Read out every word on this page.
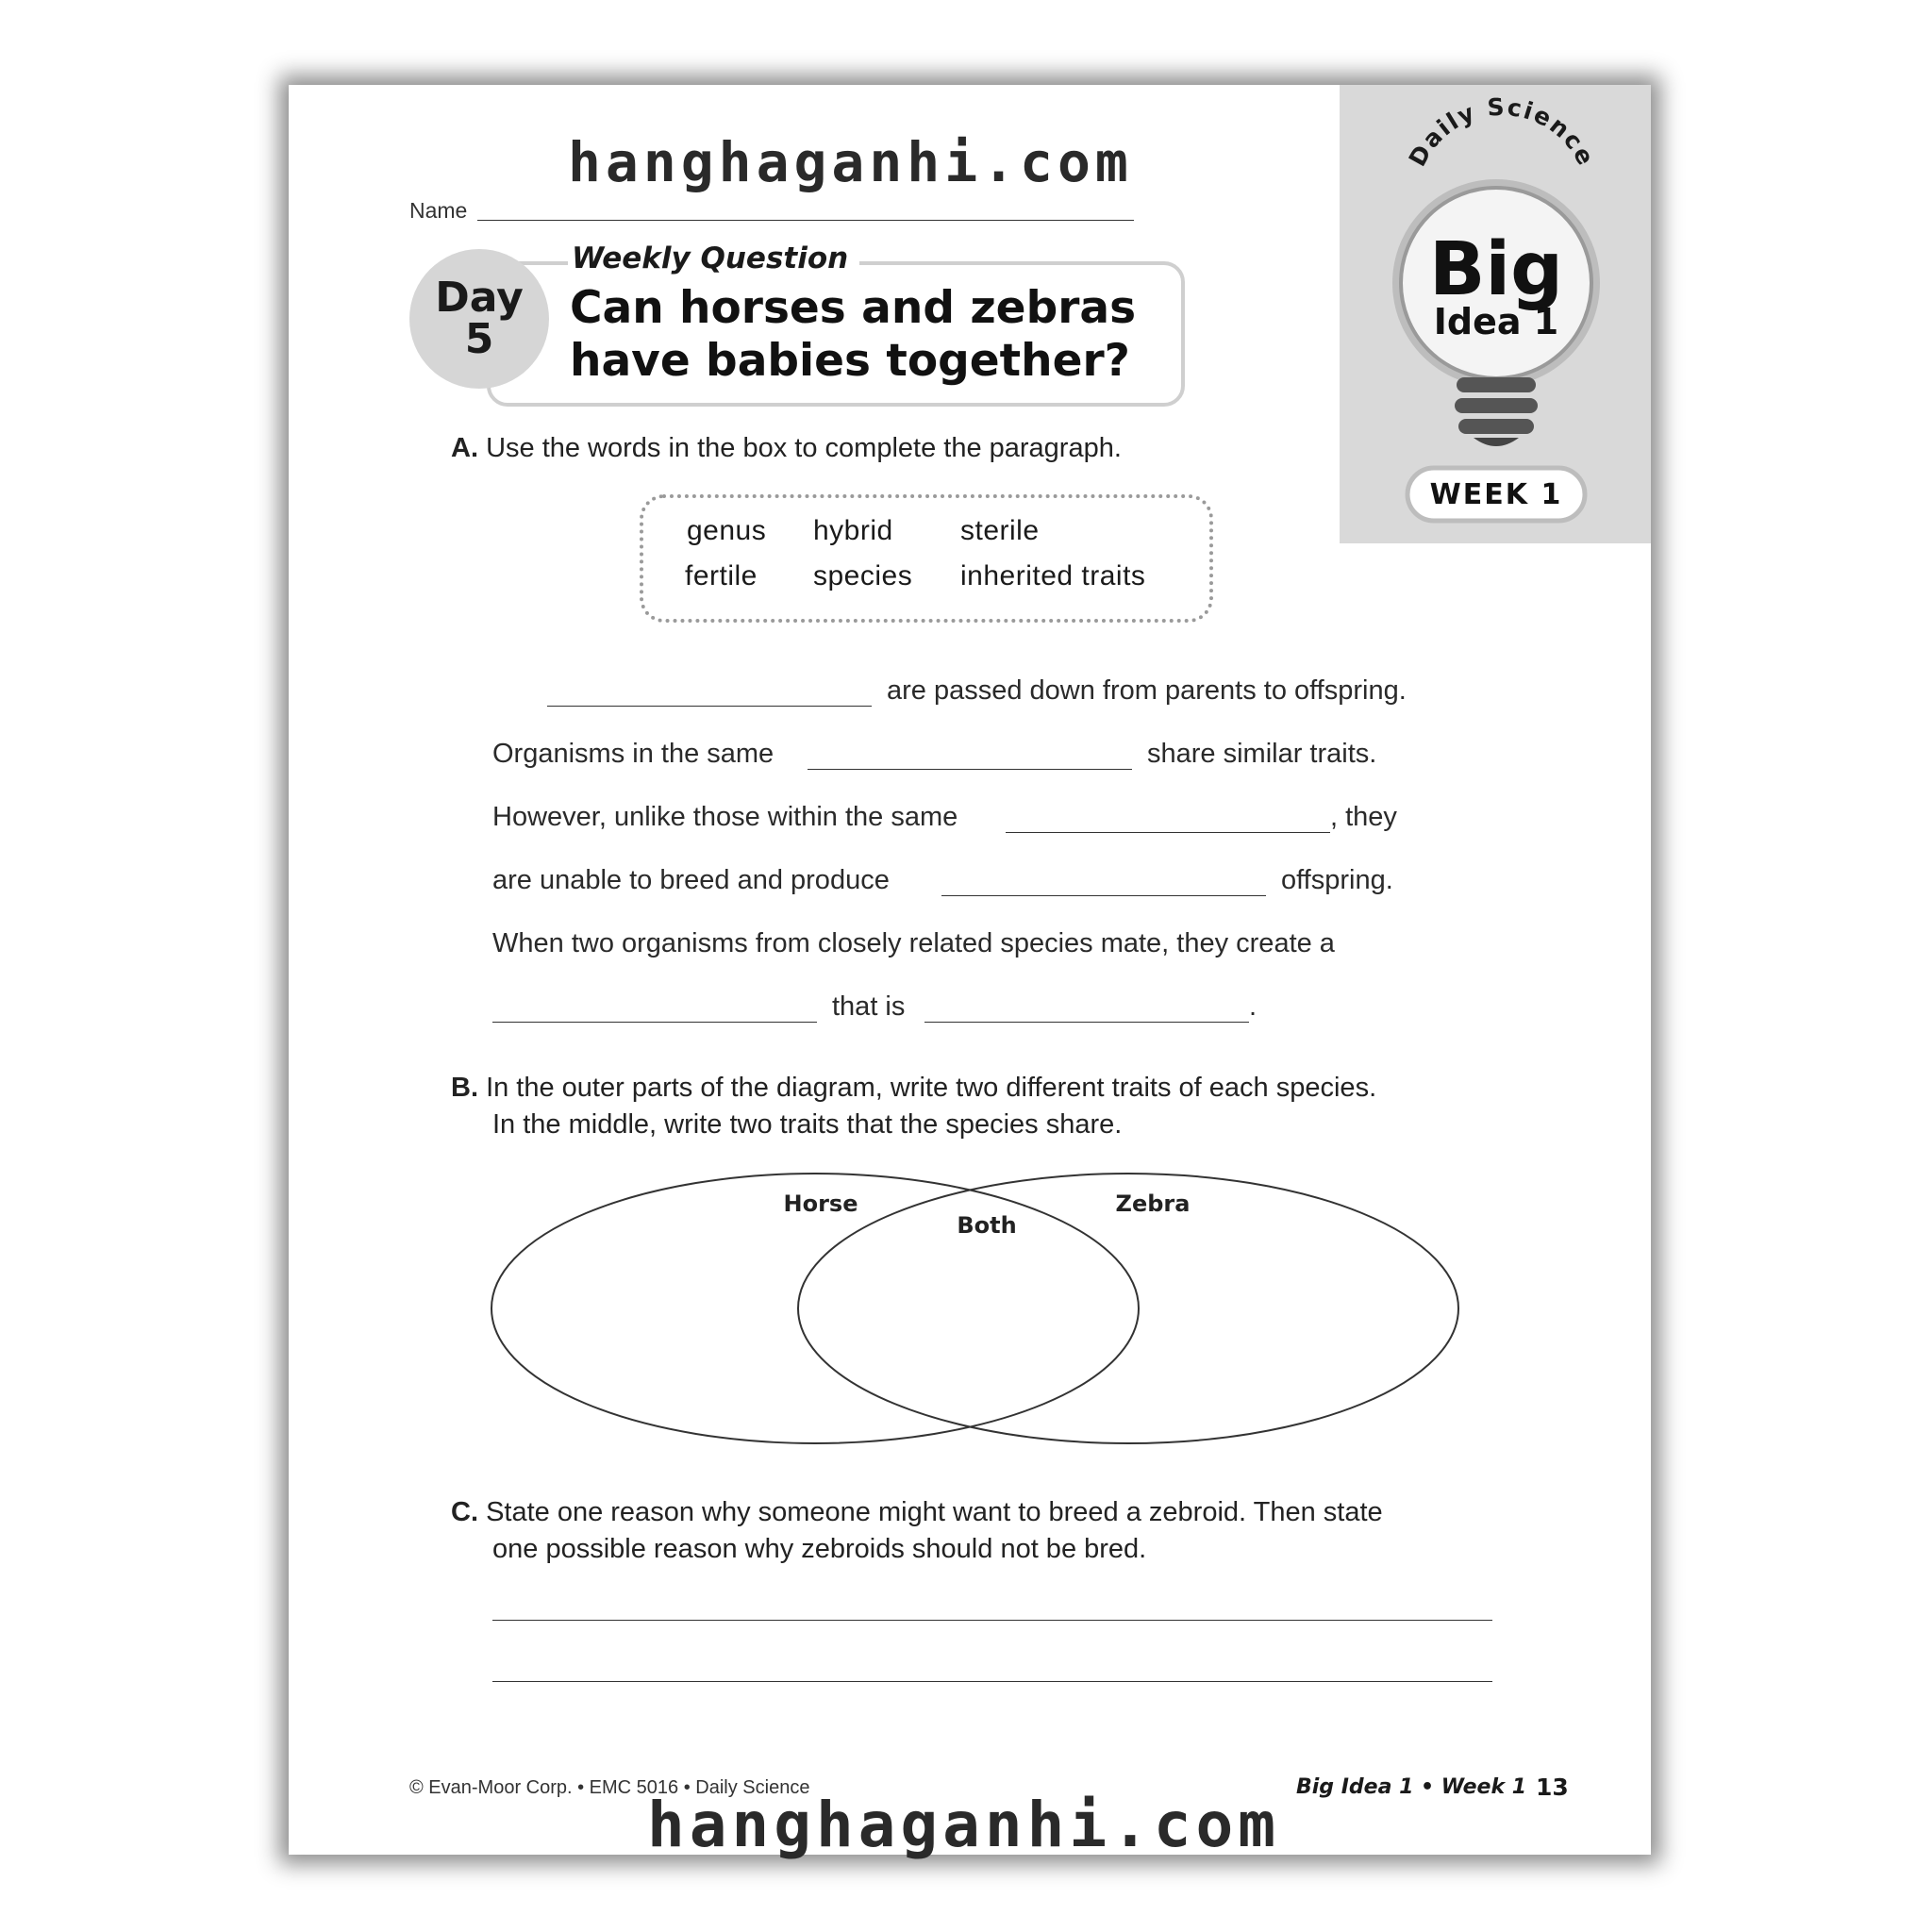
hanghaganhi.com
Name
Weekly Question
Day
5
Can horses and zebras
have babies together?
Daily Science
Big
Idea 1
WEEK 1
A. Use the words in the box to complete the paragraph.
genus hybrid sterile
fertile species inherited traits
are passed down from parents to offspring.
Organisms in the same	share similar traits.
However, unlike those within the same	, they
are unable to breed and produce	offspring.
When two organisms from closely related species mate, they create a
that is	.
B. In the outer parts of the diagram, write two different traits of each species.
In the middle, write two traits that the species share.
Horse
Both
Zebra
C. State one reason why someone might want to breed a zebroid. Then state
one possible reason why zebroids should not be bred.
© Evan-Moor Corp. • EMC 5016 • Daily Science	Big Idea 1 • Week 1 13
hanghaganhi.com
